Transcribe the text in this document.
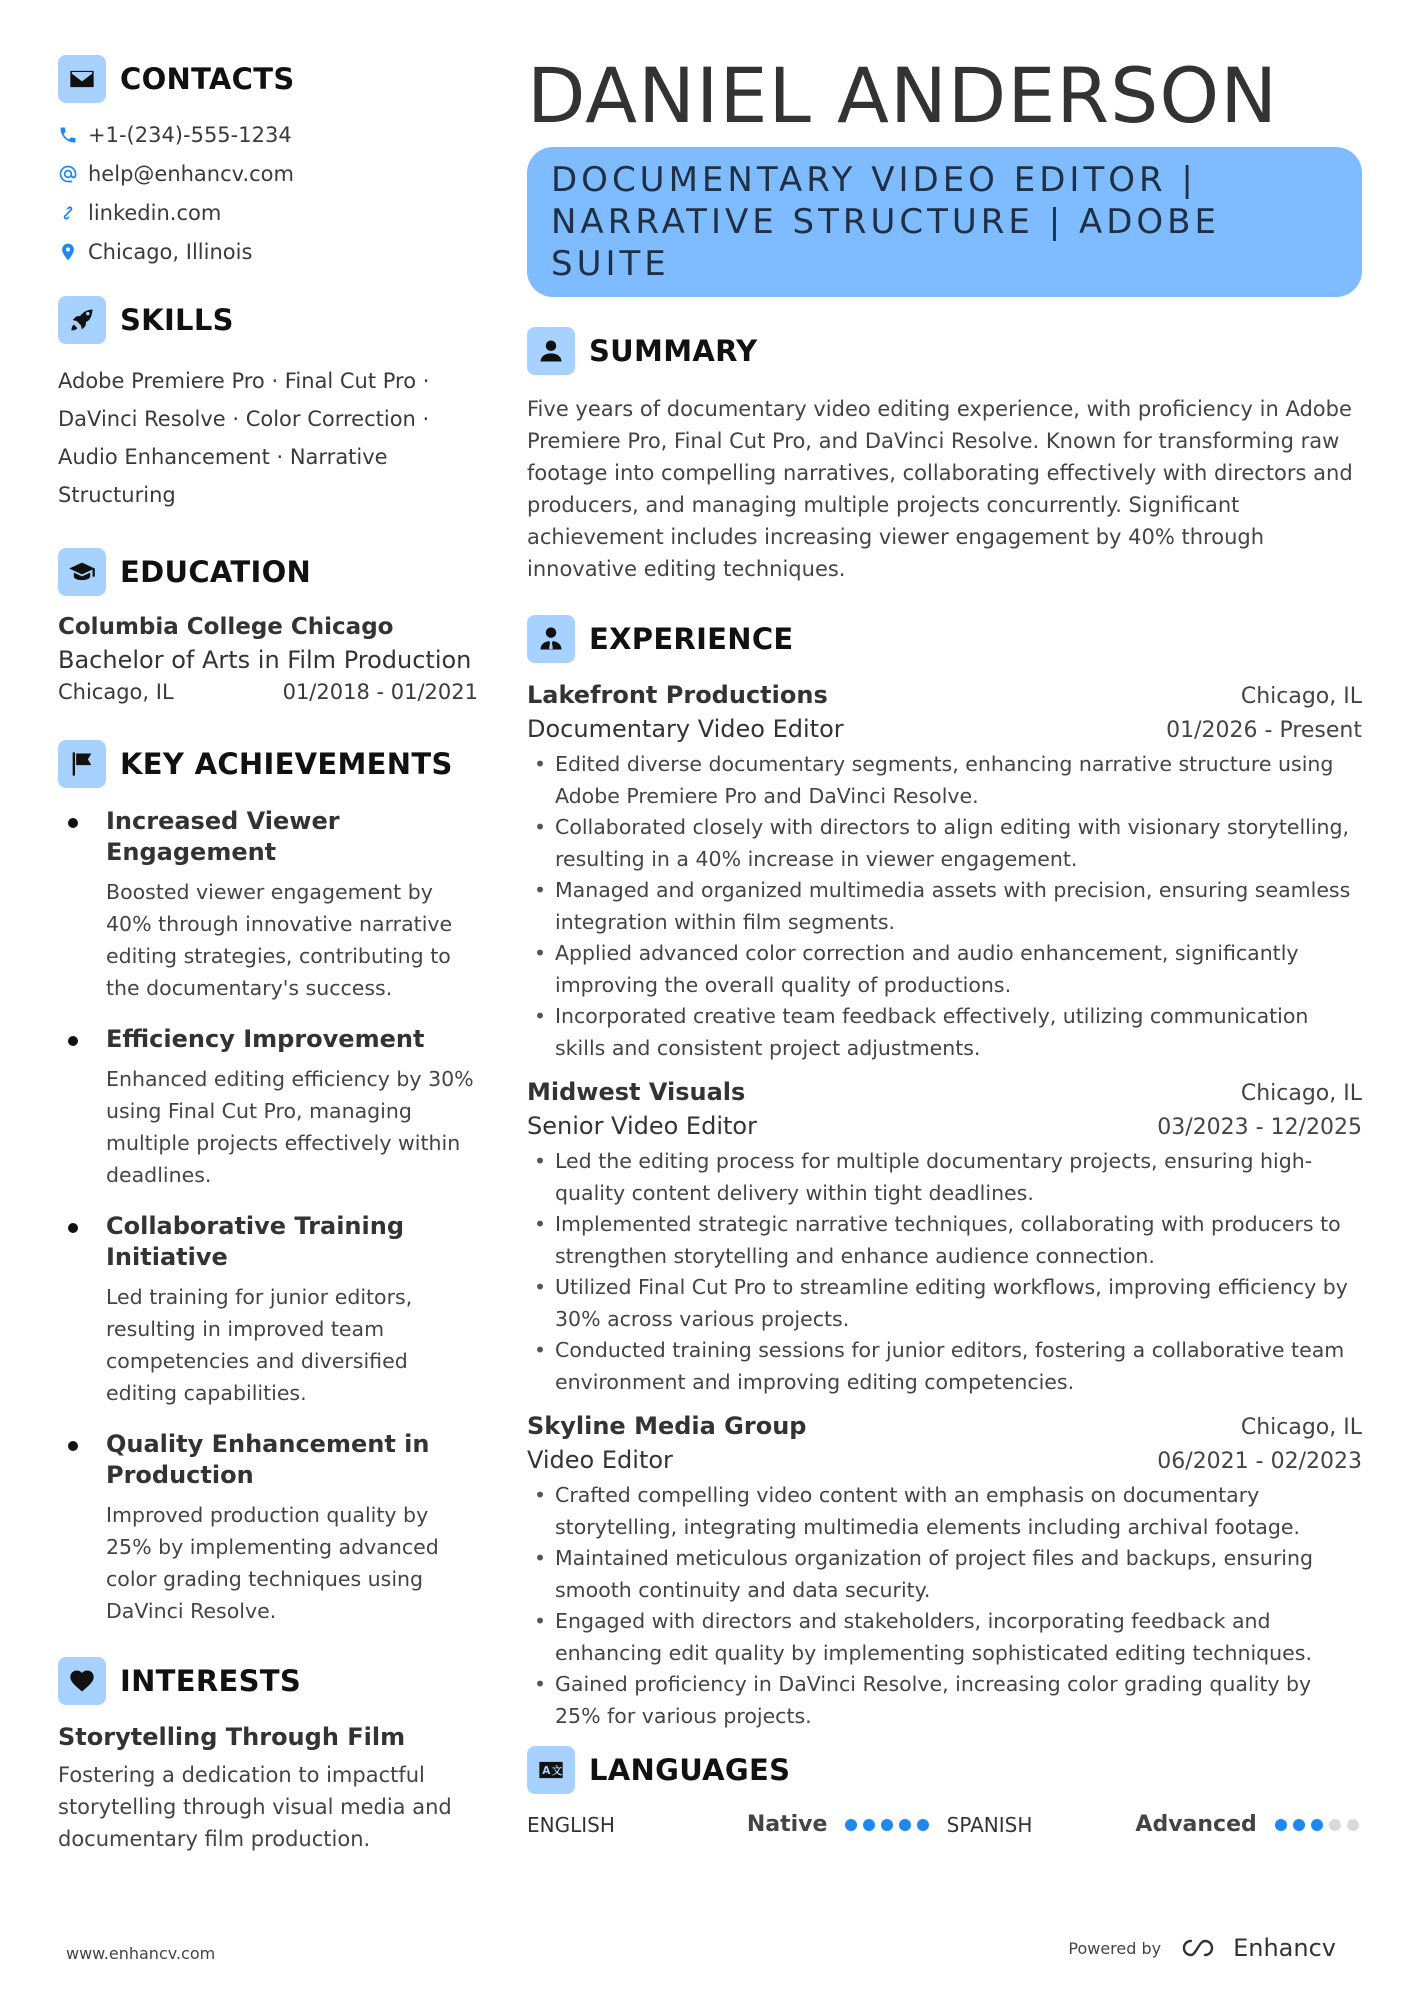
CONTACTS
+1-(234)-555-1234
help@enhancv.com
linkedin.com
Chicago, Illinois
SKILLS
Adobe Premiere Pro · Final Cut Pro · DaVinci Resolve · Color Correction · Audio Enhancement · Narrative Structuring
EDUCATION
Columbia College Chicago
Bachelor of Arts in Film Production
Chicago, IL	01/2018 - 01/2021
KEY ACHIEVEMENTS
Increased Viewer Engagement
Boosted viewer engagement by 40% through innovative narrative editing strategies, contributing to the documentary's success.
Efficiency Improvement
Enhanced editing efficiency by 30% using Final Cut Pro, managing multiple projects effectively within deadlines.
Collaborative Training Initiative
Led training for junior editors, resulting in improved team competencies and diversified editing capabilities.
Quality Enhancement in Production
Improved production quality by 25% by implementing advanced color grading techniques using DaVinci Resolve.
INTERESTS
Storytelling Through Film
Fostering a dedication to impactful storytelling through visual media and documentary film production.
DANIEL ANDERSON
DOCUMENTARY VIDEO EDITOR | NARRATIVE STRUCTURE | ADOBE SUITE
SUMMARY
Five years of documentary video editing experience, with proficiency in Adobe Premiere Pro, Final Cut Pro, and DaVinci Resolve. Known for transforming raw footage into compelling narratives, collaborating effectively with directors and producers, and managing multiple projects concurrently. Significant achievement includes increasing viewer engagement by 40% through innovative editing techniques.
EXPERIENCE
Lakefront Productions	Chicago, IL
Documentary Video Editor	01/2026 - Present
• Edited diverse documentary segments, enhancing narrative structure using Adobe Premiere Pro and DaVinci Resolve.
• Collaborated closely with directors to align editing with visionary storytelling, resulting in a 40% increase in viewer engagement.
• Managed and organized multimedia assets with precision, ensuring seamless integration within film segments.
• Applied advanced color correction and audio enhancement, significantly improving the overall quality of productions.
• Incorporated creative team feedback effectively, utilizing communication skills and consistent project adjustments.
Midwest Visuals	Chicago, IL
Senior Video Editor	03/2023 - 12/2025
• Led the editing process for multiple documentary projects, ensuring high-quality content delivery within tight deadlines.
• Implemented strategic narrative techniques, collaborating with producers to strengthen storytelling and enhance audience connection.
• Utilized Final Cut Pro to streamline editing workflows, improving efficiency by 30% across various projects.
• Conducted training sessions for junior editors, fostering a collaborative team environment and improving editing competencies.
Skyline Media Group	Chicago, IL
Video Editor	06/2021 - 02/2023
• Crafted compelling video content with an emphasis on documentary storytelling, integrating multimedia elements including archival footage.
• Maintained meticulous organization of project files and backups, ensuring smooth continuity and data security.
• Engaged with directors and stakeholders, incorporating feedback and enhancing edit quality by implementing sophisticated editing techniques.
• Gained proficiency in DaVinci Resolve, increasing color grading quality by 25% for various projects.
A 文 LANGUAGES
ENGLISH	Native	SPANISH	Advanced
www.enhancv.com	Powered by	Enhancv
